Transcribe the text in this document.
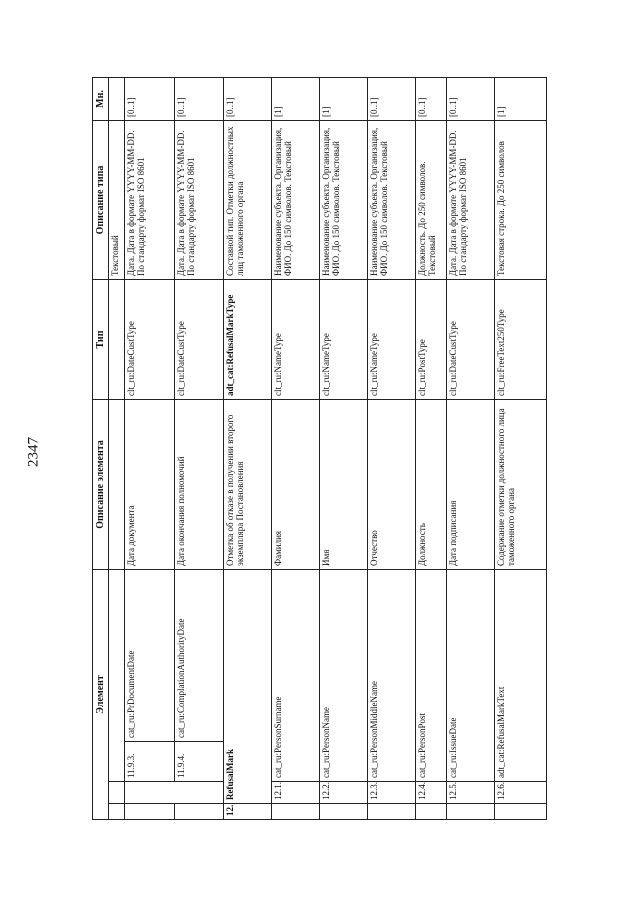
2347
Элемент				Описание элемента	Тип	Описание типа	Мн.
						Текстовый	
		11.9.3.	cat_ru:PrDocumentDate	Дата документа	clt_ru:DateCustType	Дата. Дата в формате YYYY-MM-DD. По стандарту формат ISO 8601	[0..1]
		11.9.4.	cat_ru:ComplationAuthorityDate	Дата окончания полномочий	clt_ru:DateCustType	Дата. Дата в формате YYYY-MM-DD. По стандарту формат ISO 8601	[0..1]
12.	RefusalMark			Отметка об отказе в получении второго экземпляра Постановления	adt_cat:RefusalMarkType	Составной тип. Отметки должностных лиц таможенного органа	[0..1]
	12.1.	cat_ru:PersonSurname		Фамилия	clt_ru:NameType	Наименование субъекта. Организация, ФИО. До 150 символов. Текстовый	[1]
	12.2.	cat_ru:PersonName		Имя	clt_ru:NameType	Наименование субъекта. Организация, ФИО. До 150 символов. Текстовый	[1]
	12.3.	cat_ru:PersonMiddleName		Отчество	clt_ru:NameType	Наименование субъекта. Организация, ФИО. До 150 символов. Текстовый	[0..1]
	12.4.	cat_ru:PersonPost		Должность	clt_ru:PostType	Должность. До 250 символов. Текстовый	[0..1]
	12.5.	cat_ru:IssueDate		Дата подписания	clt_ru:DateCustType	Дата. Дата в формате YYYY-MM-DD. По стандарту формат ISO 8601	[0..1]
	12.6.	adt_cat:RefusalMarkText		Содержание отметки должностного лица таможенного органа	clt_ru:FreeText250Type	Текстовая строка. До 250 символов	[1]
